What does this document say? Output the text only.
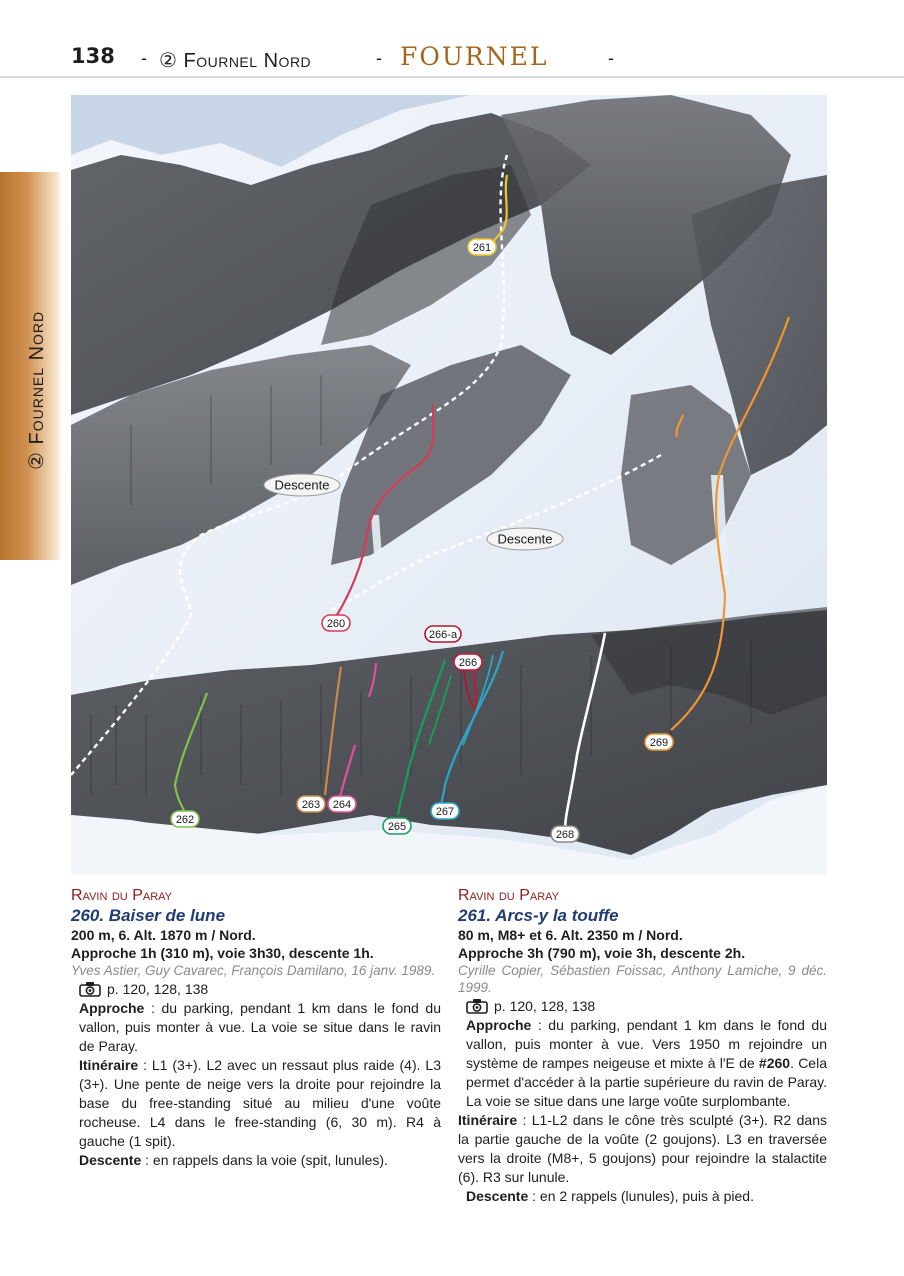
138 - ② Fournel Nord	- FOURNEL	-
② Fournel Nord
260
261
262
263 264
265
266-a
266
267
268
269
Descente
Descente
Ravin du Paray
260. Baiser de lune
200 m, 6. Alt. 1870 m / Nord.
Approche 1h (310 m), voie 3h30, descente 1h.
Yves Astier, Guy Cavarec, François Damilano, 16 janv. 1989.
p. 120, 128, 138
Approche : du parking, pendant 1 km dans le fond du vallon, puis monter à vue. La voie se situe dans le ravin de Paray.
Itinéraire : L1 (3+). L2 avec un ressaut plus raide (4). L3 (3+). Une pente de neige vers la droite pour rejoindre la base du free-standing situé au milieu d'une voûte rocheuse. L4 dans le free-standing (6, 30 m). R4 à gauche (1 spit).
Descente : en rappels dans la voie (spit, lunules).
Ravin du Paray
261. Arcs-y la touffe
80 m, M8+ et 6. Alt. 2350 m / Nord.
Approche 3h (790 m), voie 3h, descente 2h.
Cyrille Copier, Sébastien Foissac, Anthony Lamiche, 9 déc. 1999.
p. 120, 128, 138
Approche : du parking, pendant 1 km dans le fond du vallon, puis monter à vue. Vers 1950 m rejoindre un système de rampes neigeuse et mixte à l'E de #260. Cela permet d'accéder à la partie supérieure du ravin de Paray. La voie se situe dans une large voûte surplombante.
Itinéraire : L1-L2 dans le cône très sculpté (3+). R2 dans la partie gauche de la voûte (2 goujons). L3 en traversée vers la droite (M8+, 5 goujons) pour rejoindre la stalactite (6). R3 sur lunule.
Descente : en 2 rappels (lunules), puis à pied.
